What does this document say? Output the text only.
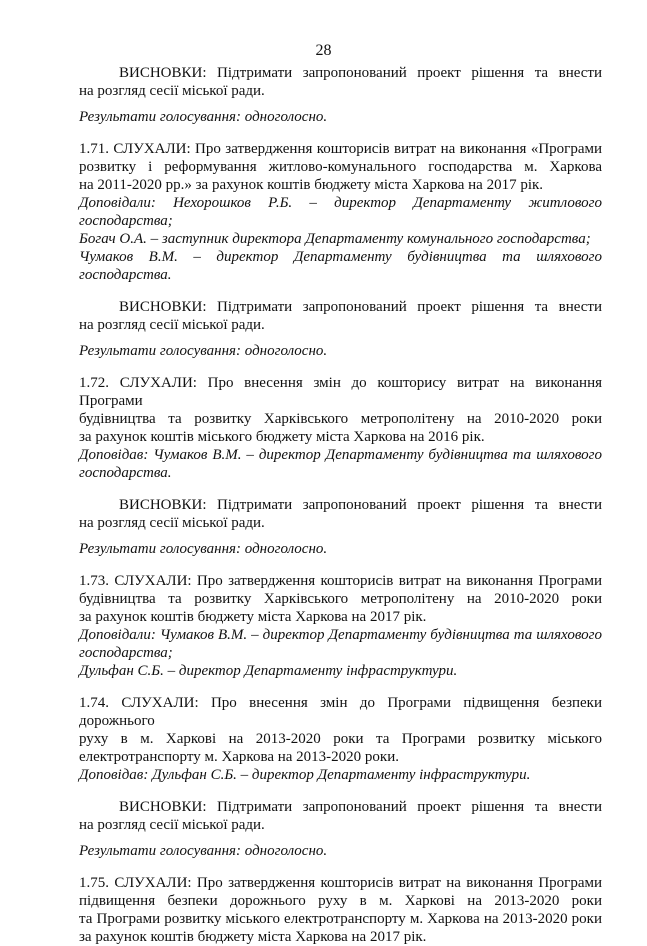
28

ВИСНОВКИ: Підтримати запропонований проект рішення та внести

на розгляд сесії міської ради.

Результати голосування: одноголосно.

1.71. СЛУХАЛИ: Про затвердження кошторисів витрат на виконання «Програми

розвитку і реформування житлово-комунального господарства м. Харкова

на 2011-2020 рр.» за рахунок коштів бюджету міста Харкова на 2017 рік.

Доповідали: Нехорошков Р.Б. – директор Департаменту житлового

господарства;

Богач О.А. – заступник директора Департаменту комунального господарства;

Чумаков В.М. – директор Департаменту будівництва та шляхового

господарства.

ВИСНОВКИ: Підтримати запропонований проект рішення та внести

на розгляд сесії міської ради.

Результати голосування: одноголосно.

1.72. СЛУХАЛИ: Про внесення змін до кошторису витрат на виконання Програми

будівництва та розвитку Харківського метрополітену на 2010-2020 роки

за рахунок коштів міського бюджету міста Харкова на 2016 рік.

Доповідав: Чумаков В.М. – директор Департаменту будівництва та шляхового

господарства.

ВИСНОВКИ: Підтримати запропонований проект рішення та внести

на розгляд сесії міської ради.

Результати голосування: одноголосно.

1.73. СЛУХАЛИ: Про затвердження кошторисів витрат на виконання Програми

будівництва та розвитку Харківського метрополітену на 2010-2020 роки

за рахунок коштів бюджету міста Харкова на 2017 рік.

Доповідали: Чумаков В.М. – директор Департаменту будівництва та шляхового

господарства;

Дульфан С.Б. – директор Департаменту інфраструктури.

1.74. СЛУХАЛИ: Про внесення змін до Програми підвищення безпеки дорожнього

руху в м. Харкові на 2013-2020 роки та Програми розвитку міського

електротранспорту м. Харкова на 2013-2020 роки.

Доповідав: Дульфан С.Б. – директор Департаменту інфраструктури.

ВИСНОВКИ: Підтримати запропонований проект рішення та внести

на розгляд сесії міської ради.

Результати голосування: одноголосно.

1.75. СЛУХАЛИ: Про затвердження кошторисів витрат на виконання Програми

підвищення безпеки дорожнього руху в м. Харкові на 2013-2020 роки

та Програми розвитку міського електротранспорту м. Харкова на 2013-2020 роки

за рахунок коштів бюджету міста Харкова на 2017 рік.
